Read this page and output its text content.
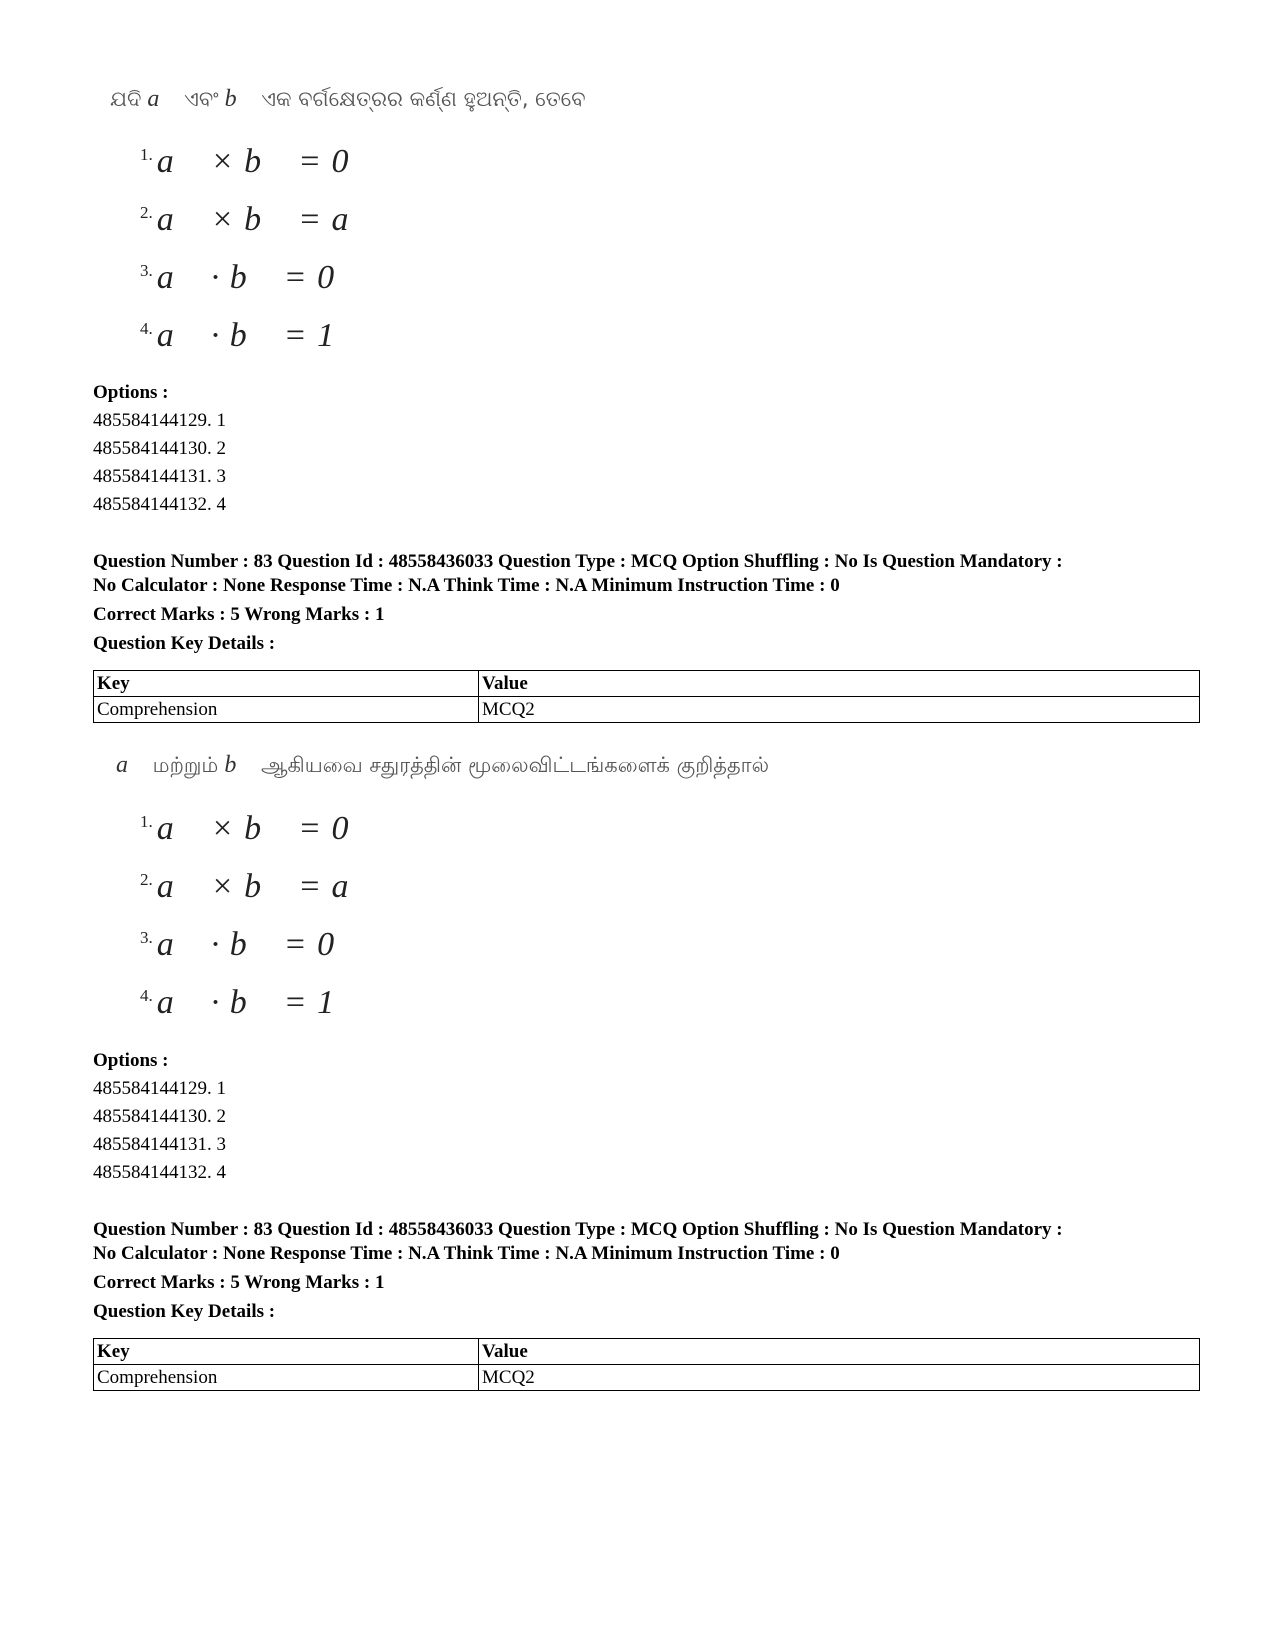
ଯଦି a⃗ ଏବଂ b⃗ ଏକ ବର୍ଗକ୍ଷେତ୍ରର କର୍ଣ୍ଣ ହୁଅନ୍ତି, ତେବେ
1. a⃗ × b⃗ = 0
2. a⃗ × b⃗ = a⃗
3. a⃗ · b⃗ = 0
4. a⃗ · b⃗ = 1
Options :
485584144129. 1
485584144130. 2
485584144131. 3
485584144132. 4
Question Number : 83 Question Id : 48558436033 Question Type : MCQ Option Shuffling : No Is Question Mandatory :
No Calculator : None Response Time : N.A Think Time : N.A Minimum Instruction Time : 0
Correct Marks : 5 Wrong Marks : 1
Question Key Details :
Key	Value
Comprehension	MCQ2
a⃗ மற்றும் b⃗ ஆகியவை சதுரத்தின் மூலைவிட்டங்களைக் குறித்தால்
1. a⃗ × b⃗ = 0
2. a⃗ × b⃗ = a⃗
3. a⃗ · b⃗ = 0
4. a⃗ · b⃗ = 1
Options :
485584144129. 1
485584144130. 2
485584144131. 3
485584144132. 4
Question Number : 83 Question Id : 48558436033 Question Type : MCQ Option Shuffling : No Is Question Mandatory :
No Calculator : None Response Time : N.A Think Time : N.A Minimum Instruction Time : 0
Correct Marks : 5 Wrong Marks : 1
Question Key Details :
Key	Value
Comprehension	MCQ2
